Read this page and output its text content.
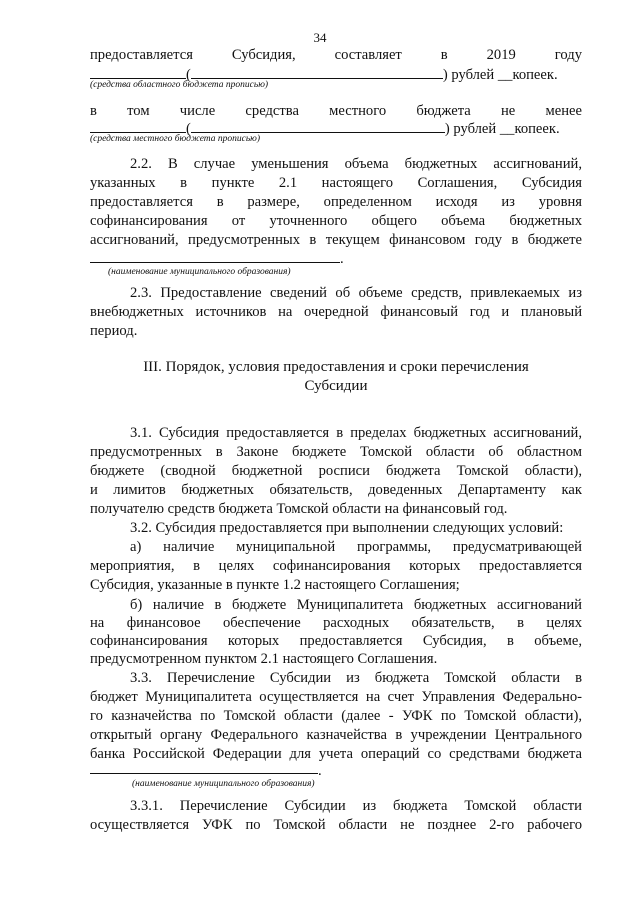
34
предоставляется Субсидия, составляет в 2019 году
(	) рублей __копеек.
(средства областного бюджета прописью)
в том числе средства местного бюджета не менее
(	) рублей __копеек.
(средства местного бюджета прописью)
2.2. В случае уменьшения объема бюджетных ассигнований,
указанных в пункте 2.1 настоящего Соглашения, Субсидия
предоставляется в размере, определенном исходя из уровня
софинансирования от уточненного общего объема бюджетных
ассигнований, предусмотренных в текущем финансовом году в бюджете
.
(наименование муниципального образования)
2.3. Предоставление сведений об объеме средств, привлекаемых из
внебюджетных источников на очередной финансовый год и плановый
период.
III. Порядок, условия предоставления и сроки перечисления
Субсидии
3.1. Субсидия предоставляется в пределах бюджетных ассигнований,
предусмотренных в Законе бюджете Томской области об областном
бюджете (сводной бюджетной росписи бюджета Томской области),
и лимитов бюджетных обязательств, доведенных Департаменту как
получателю средств бюджета Томской области на финансовый год.
3.2. Субсидия предоставляется при выполнении следующих условий:
а) наличие муниципальной программы, предусматривающей
мероприятия, в целях софинансирования которых предоставляется
Субсидия, указанные в пункте 1.2 настоящего Соглашения;
б) наличие в бюджете Муниципалитета бюджетных ассигнований
на финансовое обеспечение расходных обязательств, в целях
софинансирования которых предоставляется Субсидия, в объеме,
предусмотренном пунктом 2.1 настоящего Соглашения.
3.3. Перечисление Субсидии из бюджета Томской области в
бюджет Муниципалитета осуществляется на счет Управления Федерально-
го казначейства по Томской области (далее - УФК по Томской области),
открытый органу Федерального казначейства в учреждении Центрального
банка Российской Федерации для учета операций со средствами бюджета
.
(наименование муниципального образования)
3.3.1. Перечисление Субсидии из бюджета Томской области
осуществляется УФК по Томской области не позднее 2-го рабочего
